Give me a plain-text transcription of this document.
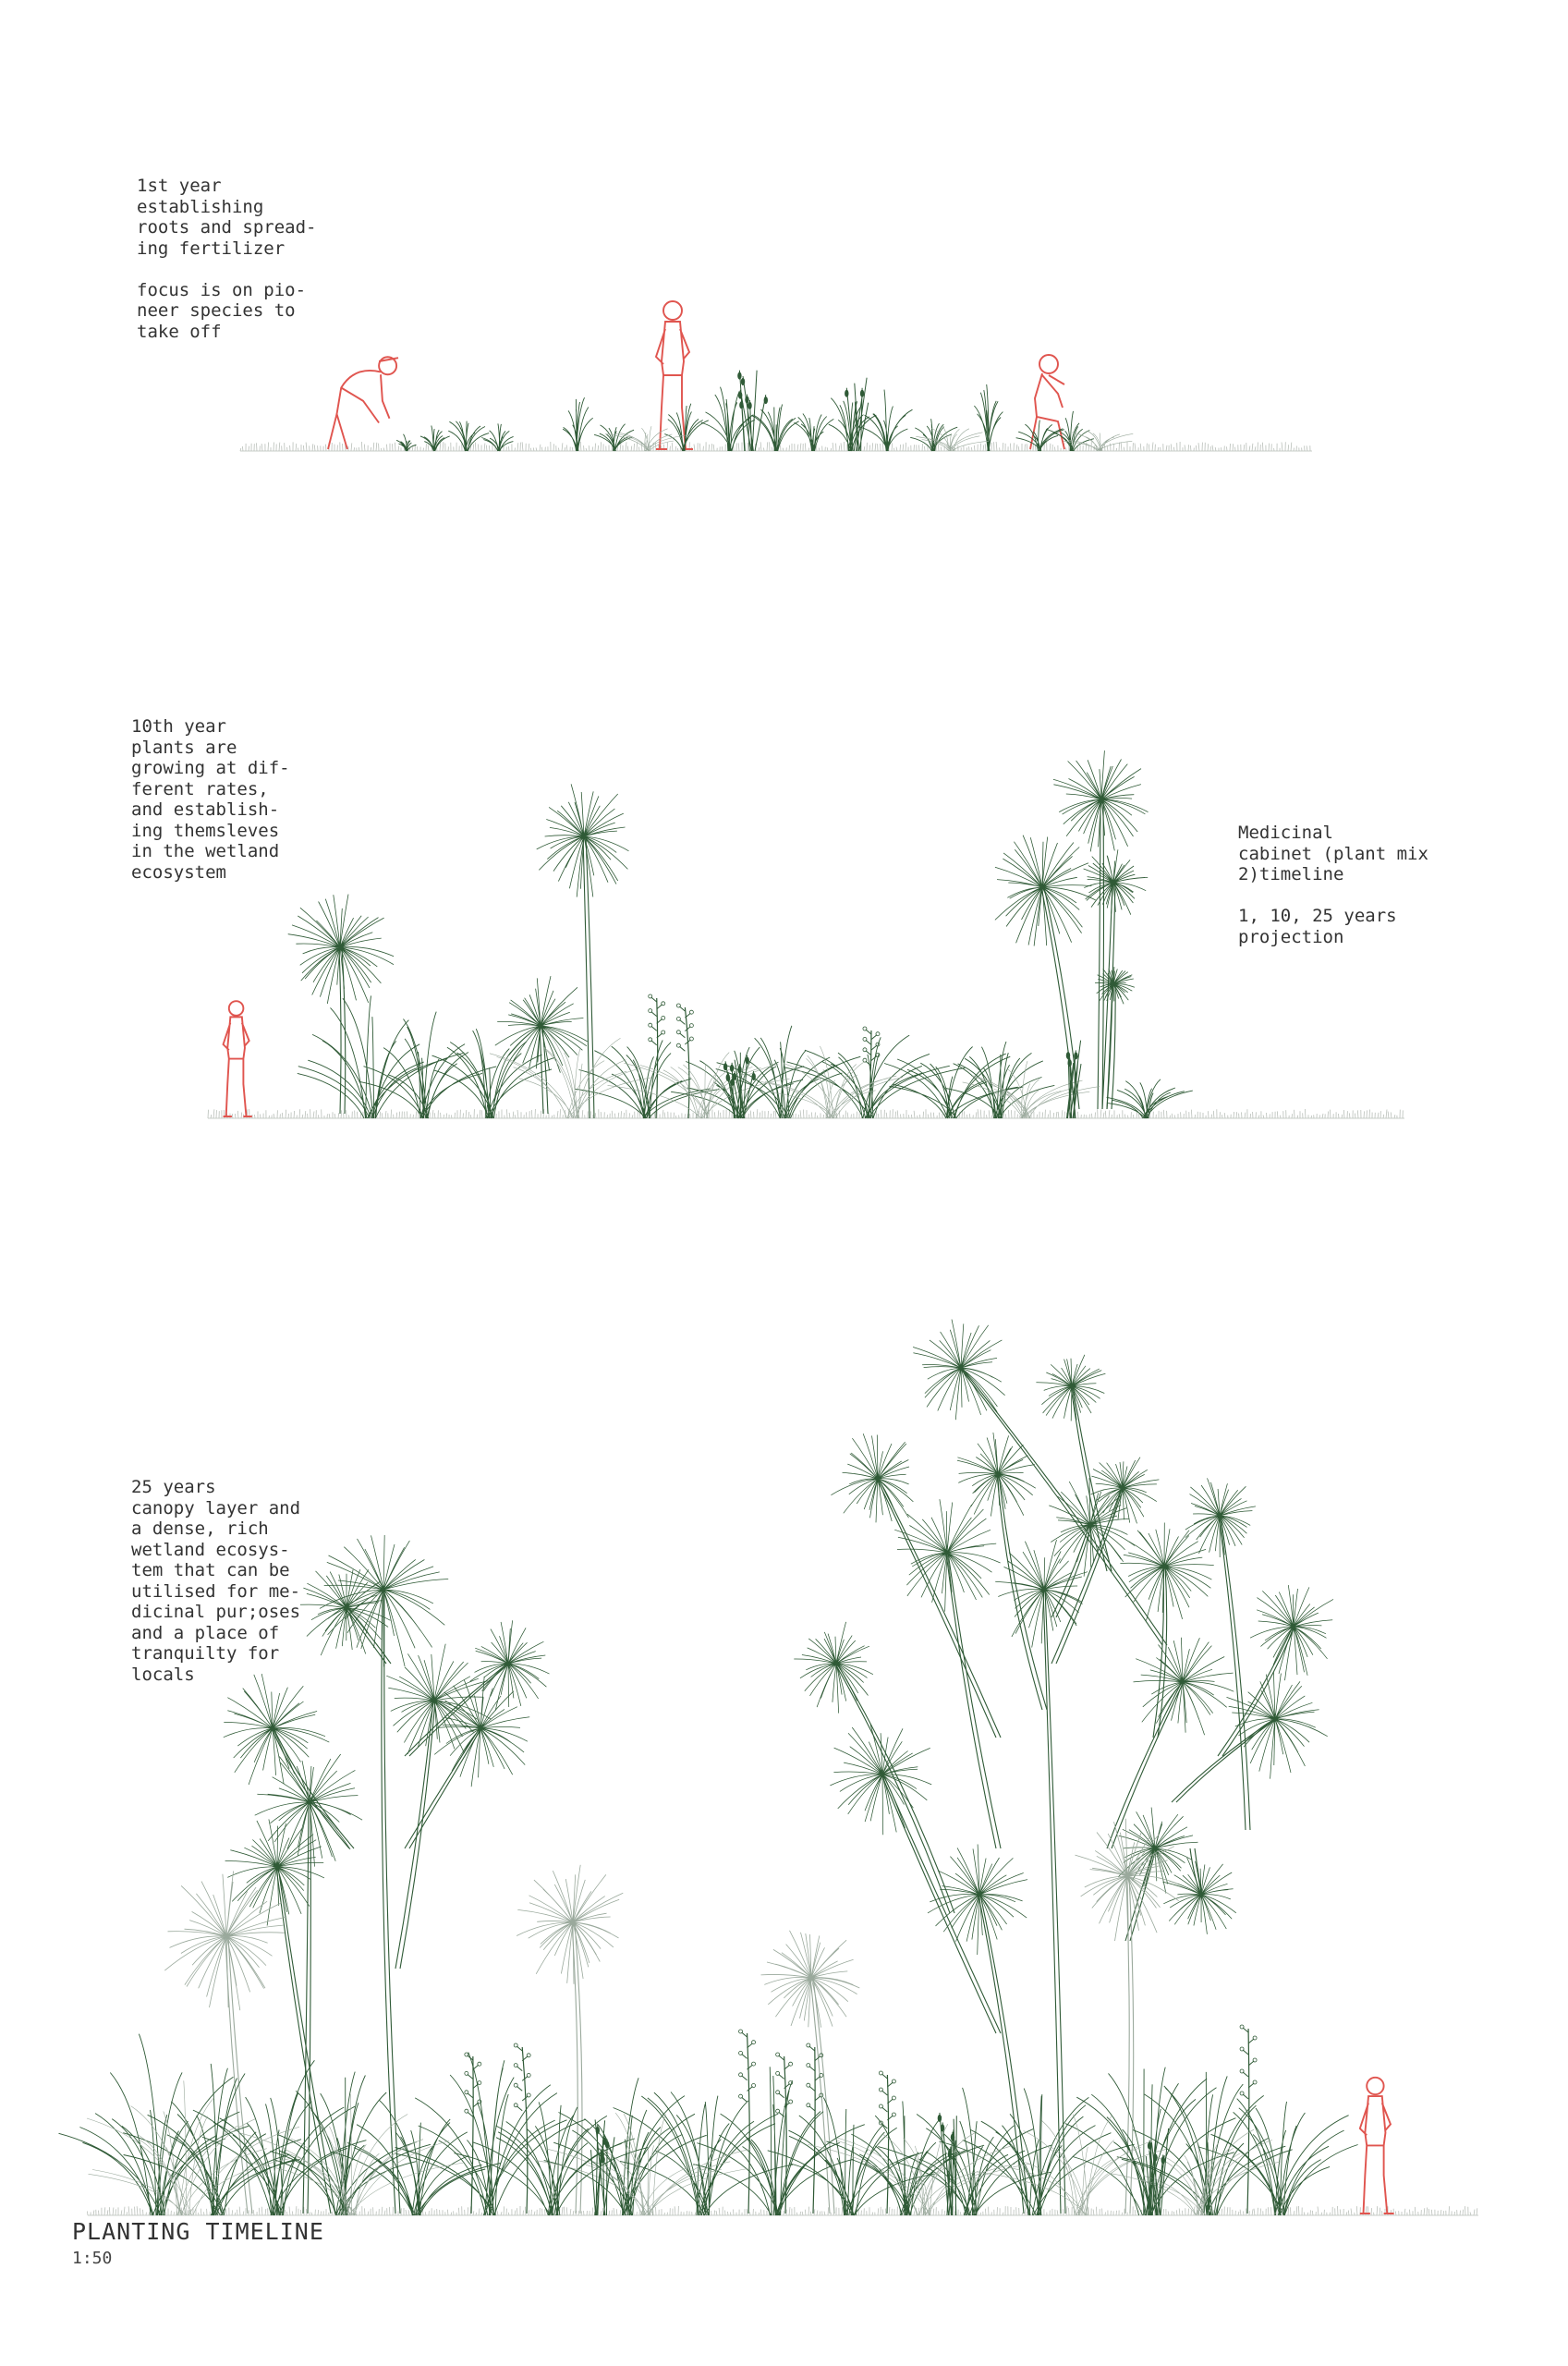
1st year
establishing
roots and spread-
ing fertilizer

focus is on pio-
neer species to
take off
10th year
plants are
growing at dif-
ferent rates,
and establish-
ing themsleves
in the wetland
ecosystem
Medicinal
cabinet (plant mix
2)timeline

1, 10, 25 years
projection
25 years
canopy layer and
a dense, rich
wetland ecosys-
tem that can be
utilised for me-
dicinal pur;oses
and a place of
tranquilty for
locals
PLANTING TIMELINE
1:50
